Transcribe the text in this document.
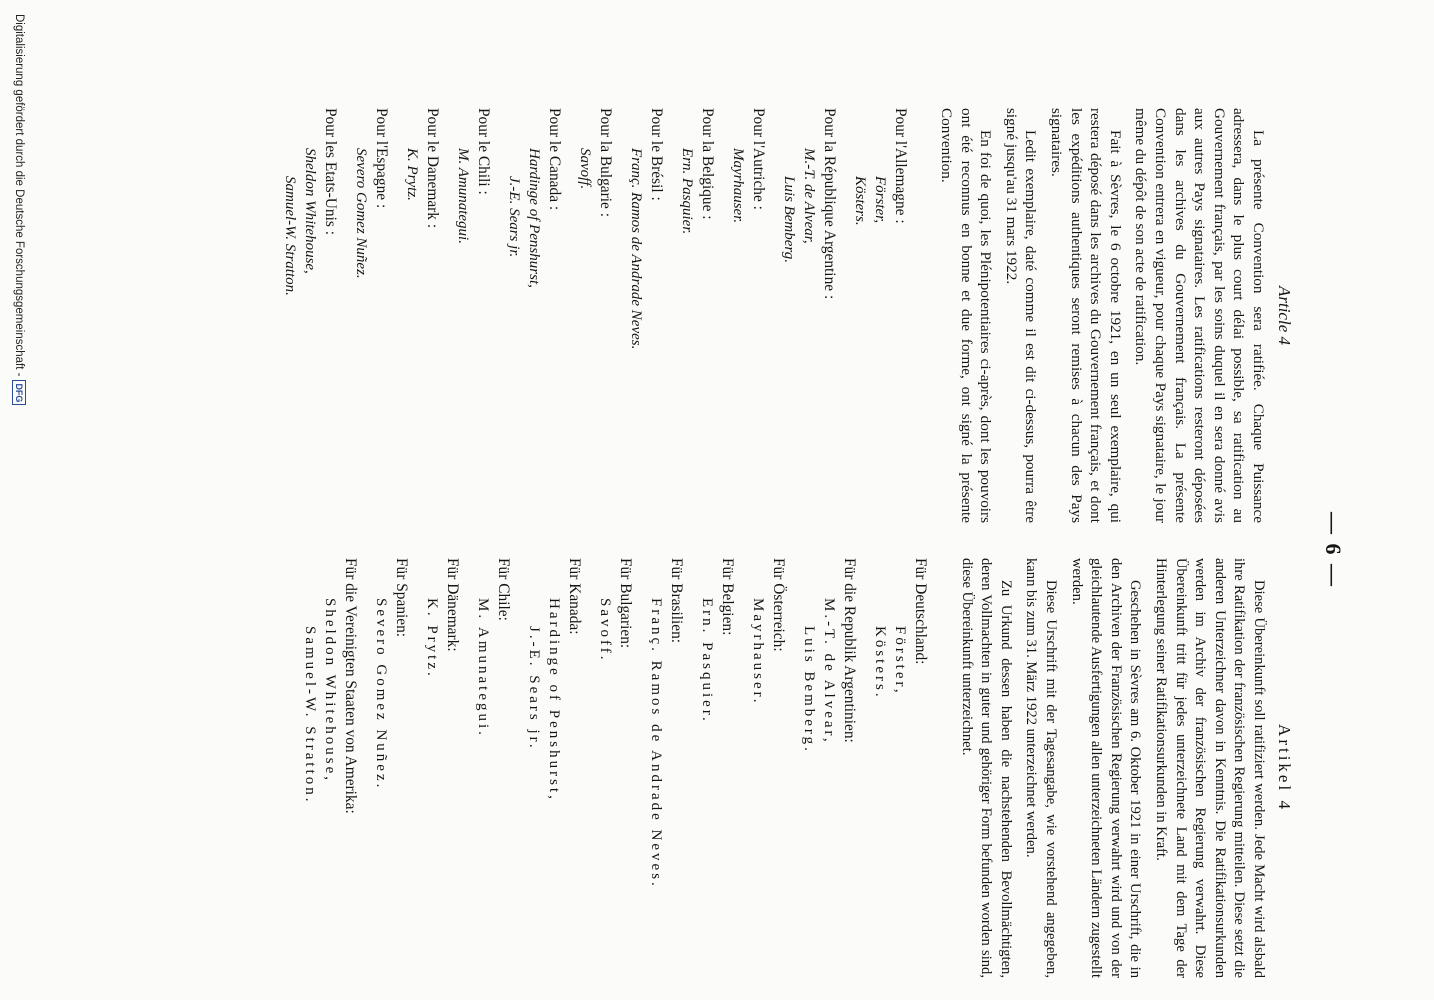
— 6 —
Article 4

La présente Convention sera ratifiée. Chaque Puissance adressera, dans le plus court délai possible, sa ratification au Gouvernement français, par les soins duquel il en sera donné avis aux autres Pays signataires. Les ratifications resteront déposées dans les archives du Gouvernement français. La présente Convention entrera en vigueur, pour chaque Pays signataire, le jour même du dépôt de son acte de ratification.

Fait à Sèvres, le 6 octobre 1921, en un seul exemplaire, qui restera déposé dans les archives du Gouvernement français, et dont les expéditions authentiques seront remises à chacun des Pays signataires.

Ledit exemplaire, daté comme il est dit ci-dessus, pourra être signé jusqu'au 31 mars 1922.

En foi de quoi, les Plénipotentiaires ci-après, dont les pouvoirs ont été reconnus en bonne et due forme, ont signé la présente Convention.

Pour l'Allemagne :
Förster,
Kösters.
Pour la République Argentine :
M.-T. de Alvear,
Luis Bemberg.
Pour l'Autriche :
Mayrhauser.
Pour la Belgique :
Ern. Pasquier.
Pour le Brésil :
Franç. Ramos de Andrade Neves.
Pour la Bulgarie :
Savoff.
Pour le Canada :
Hardinge of Penshurst,
J.-E. Sears jr.
Pour le Chili :
M. Amunategui.
Pour le Danemark :
K. Prytz.
Pour l'Espagne :
Severo Gomez Nuñez.
Pour les Etats-Unis :
Sheldon Whitehouse,
Samuel-W. Stratton.
Artikel 4

Diese Übereinkunft soll ratifiziert werden. Jede Macht wird alsbald ihre Ratifikation der französischen Regierung mitteilen. Diese setzt die anderen Unterzeichner davon in Kenntnis. Die Ratifikationsurkunden werden im Archiv der französischen Regierung verwahrt. Diese Übereinkunft tritt für jedes unterzeichnete Land mit dem Tage der Hinterlegung seiner Ratifikationsurkunden in Kraft.

Geschehen in Sèvres am 6. Oktober 1921 in einer Urschrift, die in den Archiven der Französischen Regierung verwahrt wird und von der gleichlautende Ausfertigungen allen unterzeichneten Ländern zugestellt werden.

Diese Urschrift mit der Tagesangabe, wie vorstehend angegeben, kann bis zum 31. März 1922 unterzeichnet werden.

Zu Urkund dessen haben die nachstehenden Bevollmächtigten, deren Vollmachten in guter und gehöriger Form befunden worden sind, diese Übereinkunft unterzeichnet.

Für Deutschland:
Förster,
Kösters.
Für die Republik Argentinien:
M.-T. de Alvear,
Luis Bemberg.
Für Österreich:
Mayrhauser.
Für Belgien:
Ern. Pasquier.
Für Brasilien:
Franç. Ramos de Andrade Neves.
Für Bulgarien:
Savoff.
Für Kanada:
Hardinge of Penshurst,
J.-E. Sears jr.
Für Chile:
M. Amunategui.
Für Dänemark:
K. Prytz.
Für Spanien:
Severo Gomez Nuñez.
Für die Vereinigten Staaten von Amerika:
Sheldon Whitehouse,
Samuel-W. Stratton.
Digitalisierung gefördert durch die Deutsche Forschungsgemeinschaft -DFG
